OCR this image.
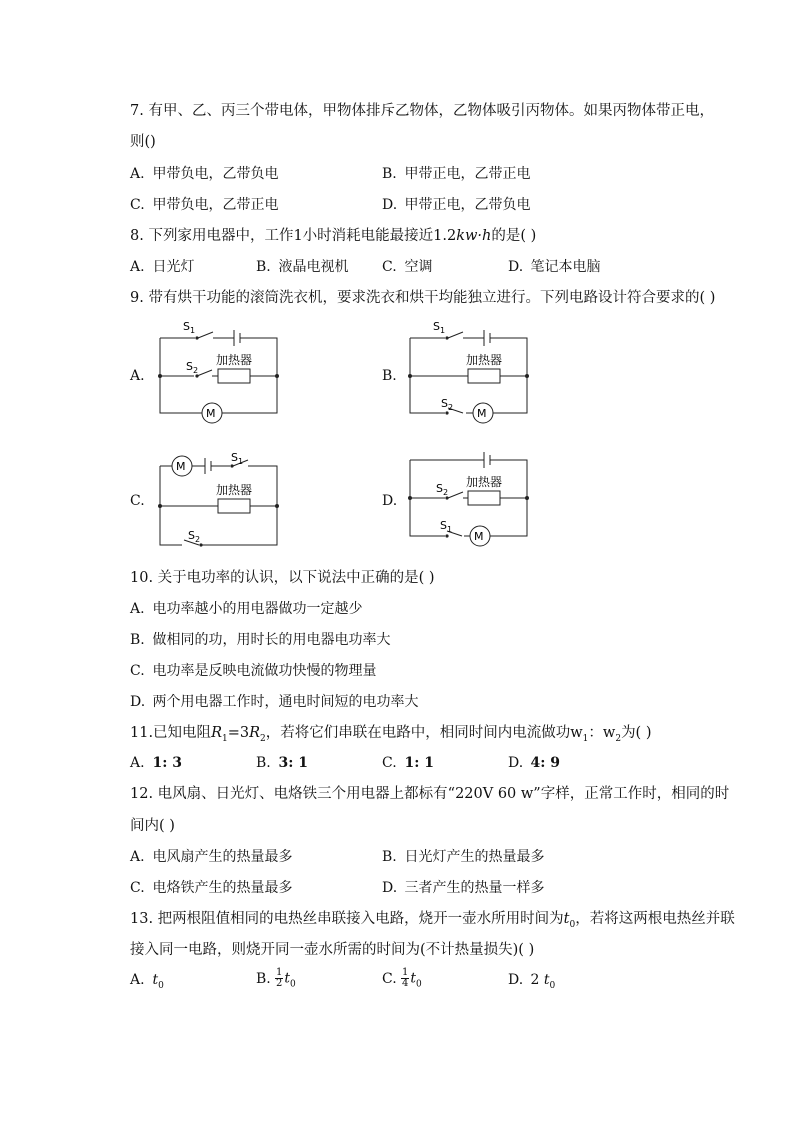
7. 有甲、乙、丙三个带电体，甲物体排斥乙物体，乙物体吸引丙物体。如果丙物体带正电，
则()
A. 甲带负电，乙带负电	B. 甲带正电，乙带正电
C. 甲带负电，乙带正电	D. 甲带正电，乙带负电
8. 下列家用电器中，工作1小时消耗电能最接近1.2kw·h的是( )
A. 日光灯	B. 液晶电视机 C. 空调	D. 笔记本电脑
9. 带有烘干功能的滚筒洗衣机，要求洗衣和烘干均能独立进行。下列电路设计符合要求的( )
A.	B.
C.	D.
$S_1$
$S_2$
加热器
M
$S_1$
$S_2$
加热器
M
M
$S_1$
$S_2$
加热器	$S_2$
$S_1$
加热器
M
10. 关于电功率的认识，以下说法中正确的是( )
A. 电功率越小的用电器做功一定越少
B. 做相同的功，用时长的用电器电功率大
C. 电功率是反映电流做功快慢的物理量
D. 两个用电器工作时，通电时间短的电功率大
11.已知电阻$R_1=3R_2$，若将它们串联在电路中，相同时间内电流做功$w_1$：$w_2$为( )
A. 1: 3	B. 3: 1	C. 1: 1	D. 4: 9
12. 电风扇、日光灯、电烙铁三个用电器上都标有“220V 60 w”字样，正常工作时，相同的时
间内( )
A. 电风扇产生的热量最多	B. 日光灯产生的热量最多
C. 电烙铁产生的热量最多	D. 三者产生的热量一样多
13. 把两根阻值相同的电热丝串联接入电路，烧开一壶水所用时间为$t_0$，若将这两根电热丝并联
接入同一电路，则烧开同一壶水所需的时间为(不计热量损失)( )
A. $t_0$	B. $\frac{1}{2} t_0$	C. $\frac{1}{4} t_0$	D. 2 $t_0$
